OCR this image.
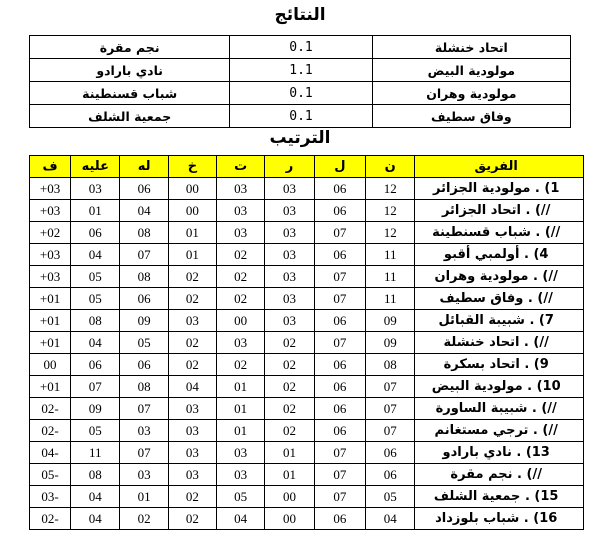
النتائج
نجم مقرة	0.1	اتحاد خنشلة
نادي بارادو	1.1	مولودية البيض
شباب قسنطينة	0.1	مولودية وهران
جمعية الشلف	0.1	وفاق سطيف
الترتيب
ف	عليه	له	خ	ت	ر	ل	ن	الفريق
+03	03	06	00	03	03	06	12	1) . مولودية الجزائر
+03	01	04	00	03	03	06	12	//) . اتحاد الجزائر
+02	06	08	01	03	03	07	12	//) . شباب قسنطينة
+03	04	07	01	02	03	06	11	4) . أولمبي أقبو
+03	05	08	02	02	03	07	11	//) . مولودية وهران
+01	05	06	02	02	03	07	11	//) . وفاق سطيف
+01	08	09	03	00	03	06	09	7) . شبيبة القبائل
+01	04	05	02	03	02	07	09	//) . اتحاد خنشلة
00	06	06	02	02	02	06	08	9) . اتحاد بسكرة
+01	07	08	04	01	02	06	07	10) . مولودية البيض
02-	09	07	03	01	02	06	07	//) . شبيبة الساورة
02-	05	03	03	01	02	06	07	//) . ترجي مستغانم
04-	11	07	03	03	01	07	06	13) . نادي بارادو
05-	08	03	03	03	01	07	06	//) . نجم مقرة
03-	04	01	02	05	00	07	05	15) . جمعية الشلف
02-	04	02	02	04	00	06	04	16) . شباب بلوزداد
